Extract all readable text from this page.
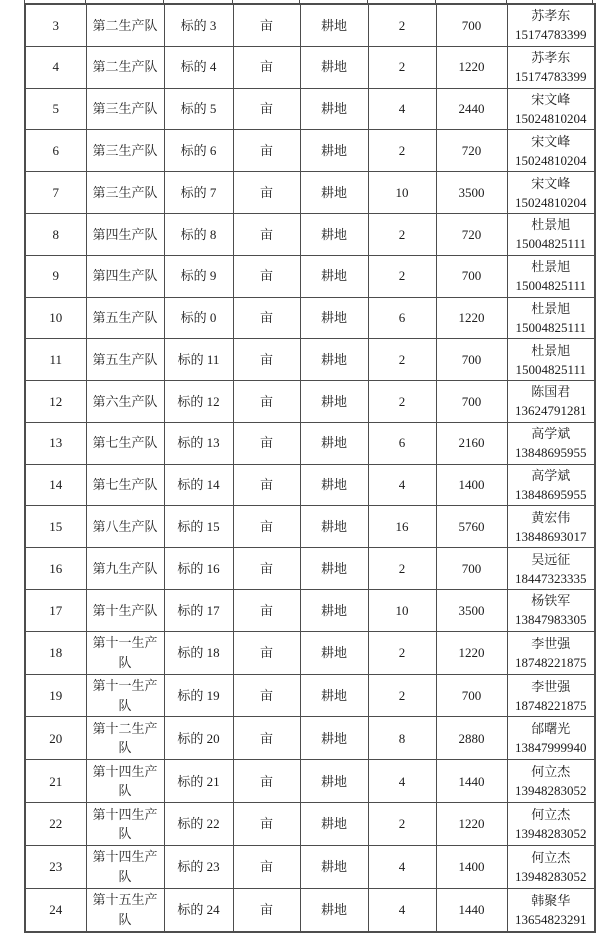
3	第二生产队	标的 3	亩	耕地	2	700	苏孝东
15174783399

4	第二生产队	标的 4	亩	耕地	2	1220	苏孝东
15174783399

5	第三生产队	标的 5	亩	耕地	4	2440	宋文峰
15024810204

6	第三生产队	标的 6	亩	耕地	2	720	宋文峰
15024810204

7	第三生产队	标的 7	亩	耕地	10	3500	宋文峰
15024810204

8	第四生产队	标的 8	亩	耕地	2	720	杜景旭
15004825111

9	第四生产队	标的 9	亩	耕地	2	700	杜景旭
15004825111

10	第五生产队	标的 0	亩	耕地	6	1220	杜景旭
15004825111

11	第五生产队	标的 11	亩	耕地	2	700	杜景旭
15004825111

12	第六生产队	标的 12	亩	耕地	2	700	陈国君
13624791281

13	第七生产队	标的 13	亩	耕地	6	2160	高学斌
13848695955

14	第七生产队	标的 14	亩	耕地	4	1400	高学斌
13848695955

15	第八生产队	标的 15	亩	耕地	16	5760	黄宏伟
13848693017

16	第九生产队	标的 16	亩	耕地	2	700	吴远征
18447323335

17	第十生产队	标的 17	亩	耕地	10	3500	杨铁军
13847983305

18	第十一生产队	标的 18	亩	耕地	2	1220	李世强
18748221875

19	第十一生产队	标的 19	亩	耕地	2	700	李世强
18748221875

20	第十二生产队	标的 20	亩	耕地	8	2880	邰曙光
13847999940

21	第十四生产队	标的 21	亩	耕地	4	1440	何立杰
13948283052

22	第十四生产队	标的 22	亩	耕地	2	1220	何立杰
13948283052

23	第十四生产队	标的 23	亩	耕地	4	1400	何立杰
13948283052

24	第十五生产队	标的 24	亩	耕地	4	1440	韩聚华
13654823291
